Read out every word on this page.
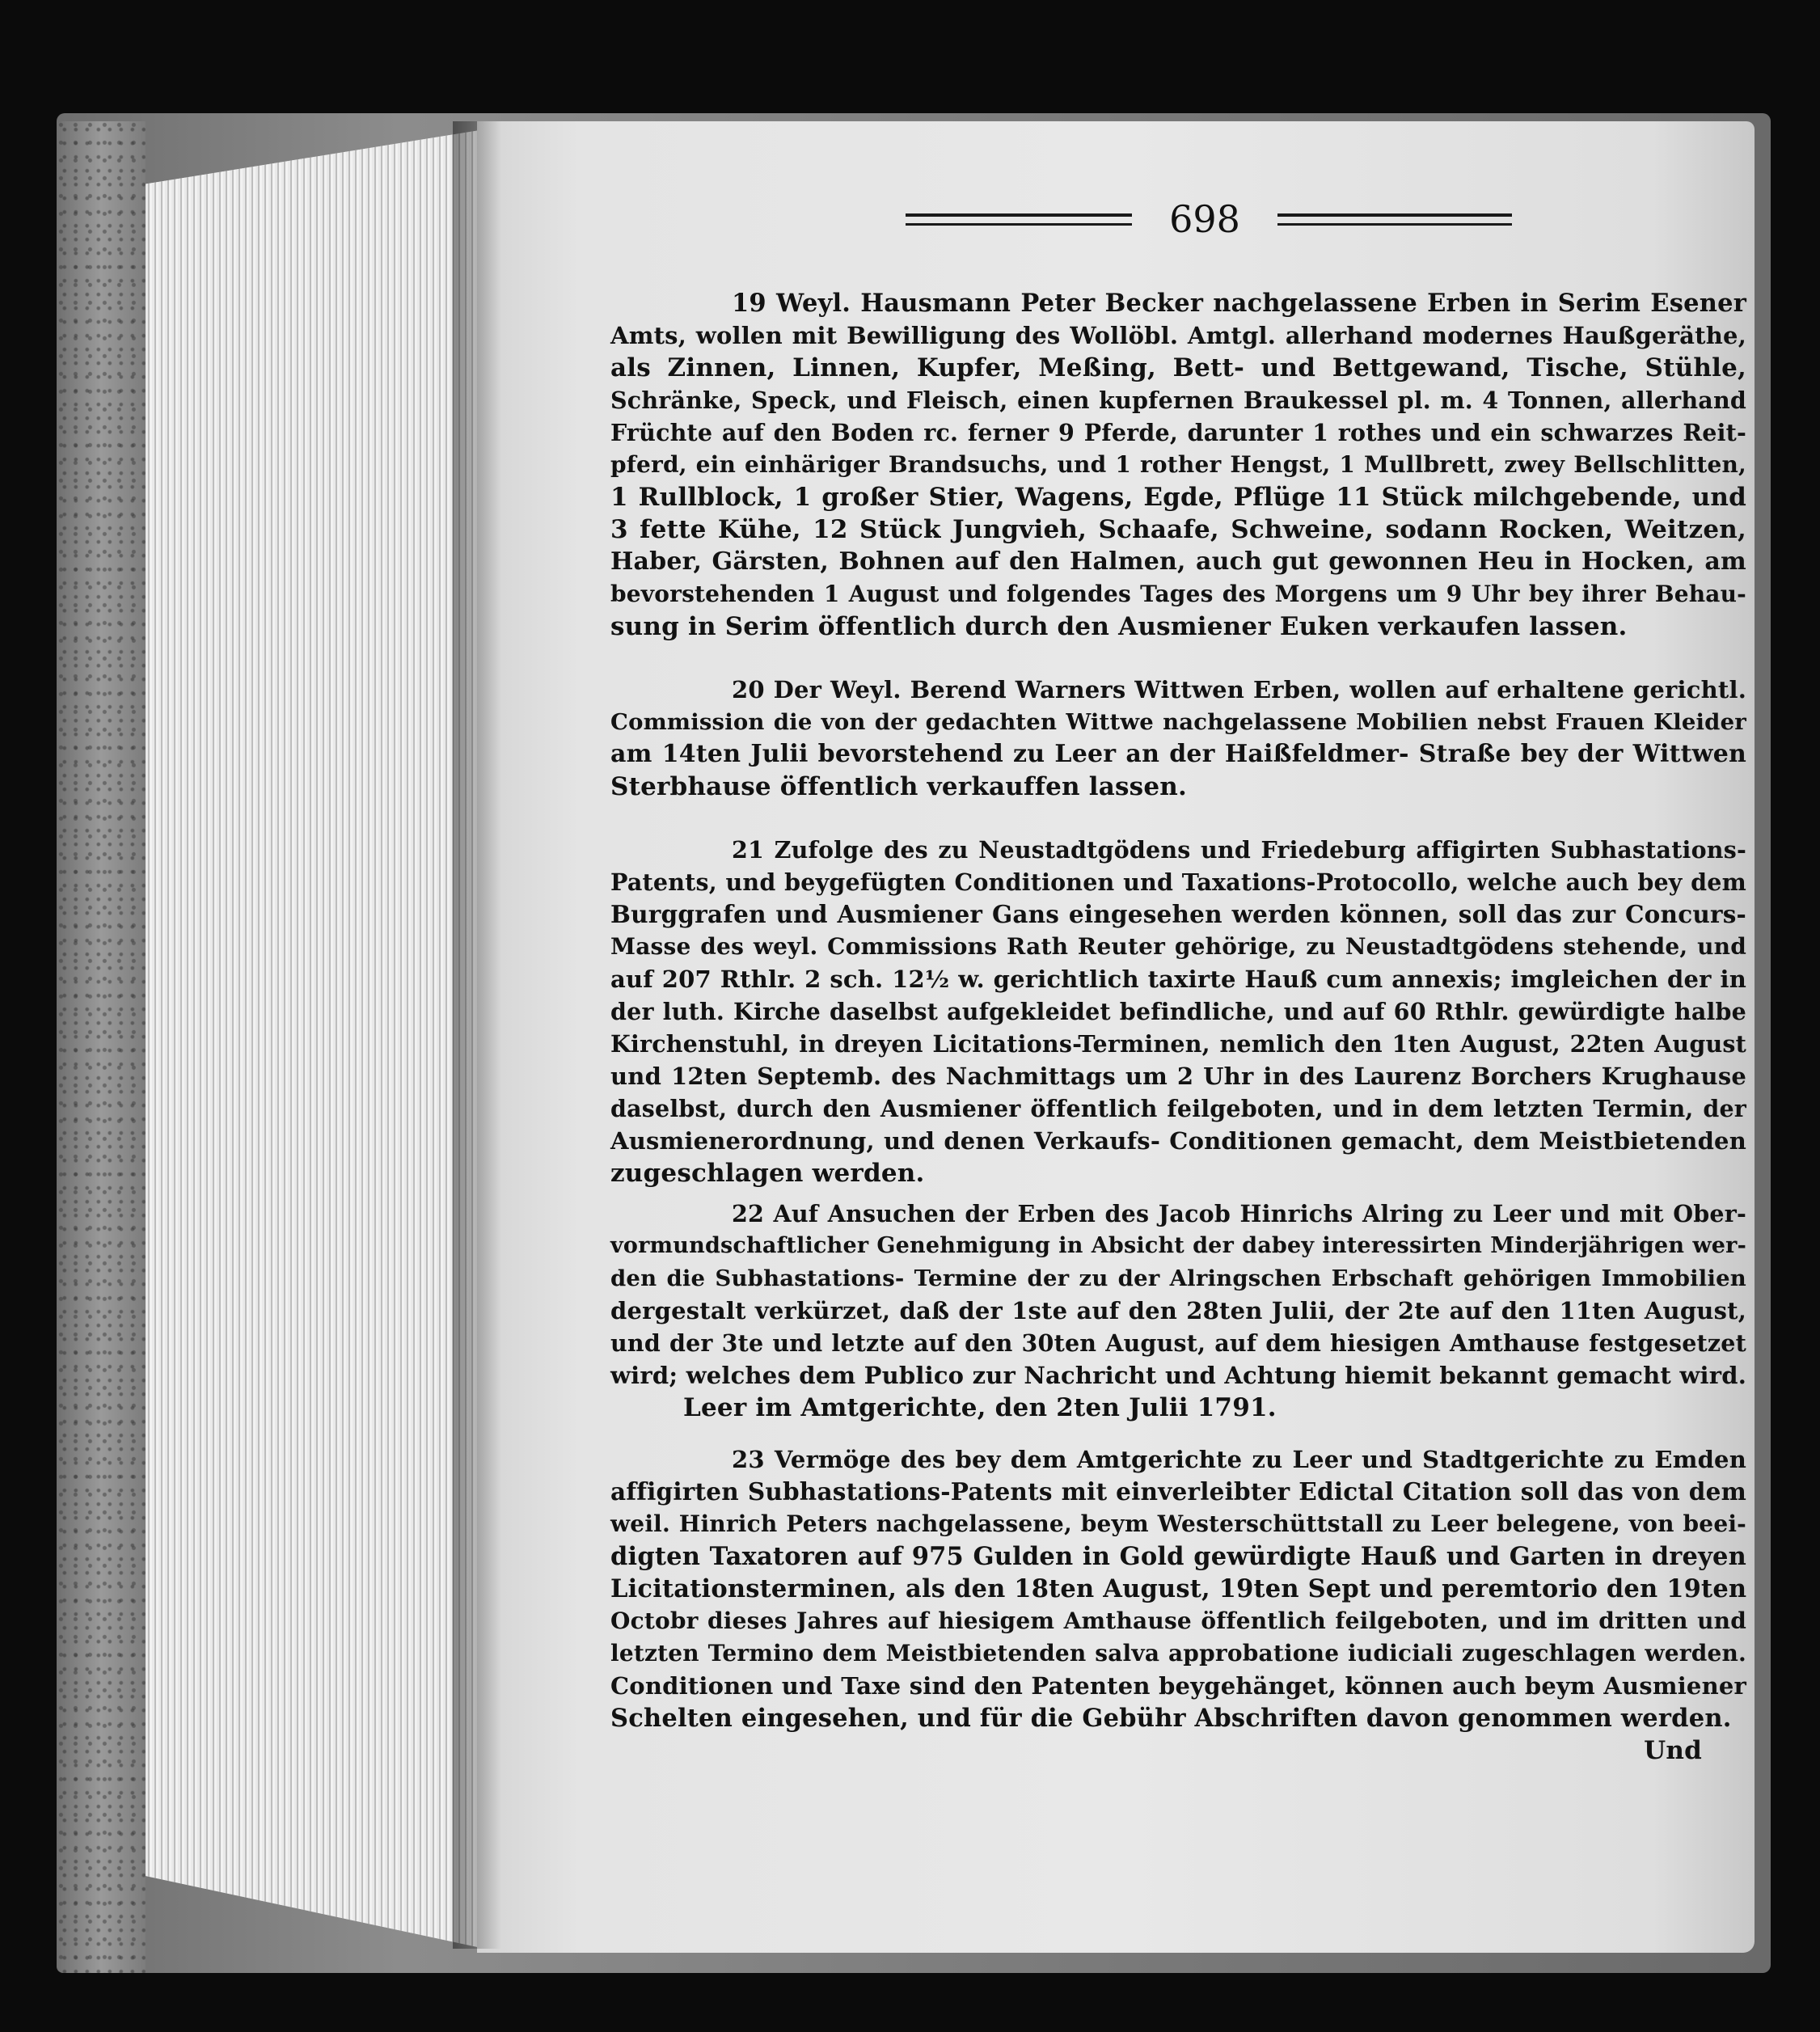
698

19 Weyl. Hausmann Peter Becker nachgelassene Erben in Serim Esener
Amts, wollen mit Bewilligung des Wollöbl. Amtgl. allerhand modernes Haußgeräthe,
als Zinnen, Linnen, Kupfer, Meßing, Bett- und Bettgewand, Tische, Stühle,
Schränke, Speck, und Fleisch, einen kupfernen Braukessel pl. m. 4 Tonnen, allerhand
Früchte auf den Boden rc. ferner 9 Pferde, darunter 1 rothes und ein schwarzes Reit-
pferd, ein einhäriger Brandsuchs, und 1 rother Hengst, 1 Mullbrett, zwey Bellschlitten,
1 Rullblock, 1 großer Stier, Wagens, Egde, Pflüge 11 Stück milchgebende, und
3 fette Kühe, 12 Stück Jungvieh, Schaafe, Schweine, sodann Rocken, Weitzen,
Haber, Gärsten, Bohnen auf den Halmen, auch gut gewonnen Heu in Hocken, am
bevorstehenden 1 August und folgendes Tages des Morgens um 9 Uhr bey ihrer Behau-
sung in Serim öffentlich durch den Ausmiener Euken verkaufen lassen.

20 Der Weyl. Berend Warners Wittwen Erben, wollen auf erhaltene gerichtl.
Commission die von der gedachten Wittwe nachgelassene Mobilien nebst Frauen Kleider
am 14ten Julii bevorstehend zu Leer an der Haißfeldmer- Straße bey der Wittwen
Sterbhause öffentlich verkauffen lassen.

21 Zufolge des zu Neustadtgödens und Friedeburg affigirten Subhastations-
Patents, und beygefügten Conditionen und Taxations-Protocollo, welche auch bey dem
Burggrafen und Ausmiener Gans eingesehen werden können, soll das zur Concurs-
Masse des weyl. Commissions Rath Reuter gehörige, zu Neustadtgödens stehende, und
auf 207 Rthlr. 2 sch. 12½ w. gerichtlich taxirte Hauß cum annexis; imgleichen der in
der luth. Kirche daselbst aufgekleidet befindliche, und auf 60 Rthlr. gewürdigte halbe
Kirchenstuhl, in dreyen Licitations-Terminen, nemlich den 1ten August, 22ten August
und 12ten Septemb. des Nachmittags um 2 Uhr in des Laurenz Borchers Krughause
daselbst, durch den Ausmiener öffentlich feilgeboten, und in dem letzten Termin, der
Ausmienerordnung, und denen Verkaufs- Conditionen gemacht, dem Meistbietenden
zugeschlagen werden.

22 Auf Ansuchen der Erben des Jacob Hinrichs Alring zu Leer und mit Ober-
vormundschaftlicher Genehmigung in Absicht der dabey interessirten Minderjährigen wer-
den die Subhastations- Termine der zu der Alringschen Erbschaft gehörigen Immobilien
dergestalt verkürzet, daß der 1ste auf den 28ten Julii, der 2te auf den 11ten August,
und der 3te und letzte auf den 30ten August, auf dem hiesigen Amthause festgesetzet
wird; welches dem Publico zur Nachricht und Achtung hiemit bekannt gemacht wird.
Leer im Amtgerichte, den 2ten Julii 1791.

23 Vermöge des bey dem Amtgerichte zu Leer und Stadtgerichte zu Emden
affigirten Subhastations-Patents mit einverleibter Edictal Citation soll das von dem
weil. Hinrich Peters nachgelassene, beym Westerschüttstall zu Leer belegene, von beei-
digten Taxatoren auf 975 Gulden in Gold gewürdigte Hauß und Garten in dreyen
Licitationsterminen, als den 18ten August, 19ten Sept und peremtorio den 19ten
Octobr dieses Jahres auf hiesigem Amthause öffentlich feilgeboten, und im dritten und
letzten Termino dem Meistbietenden salva approbatione iudiciali zugeschlagen werden.
Conditionen und Taxe sind den Patenten beygehänget, können auch beym Ausmiener
Schelten eingesehen, und für die Gebühr Abschriften davon genommen werden.

Und
